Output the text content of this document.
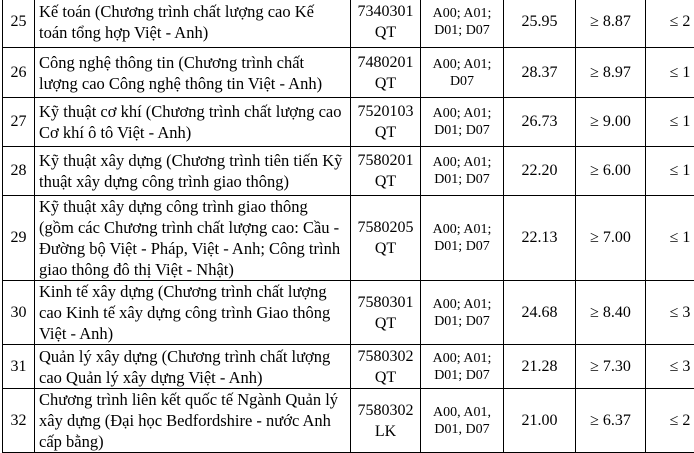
25	Kế toán (Chương trình chất lượng cao Kế toán tổng hợp Việt - Anh)	7340301 QT	A00; A01; D01; D07	25.95	≥ 8.87	≤ 2
26	Công nghệ thông tin (Chương trình chất lượng cao Công nghệ thông tin Việt - Anh)	7480201 QT	A00; A01; D07	28.37	≥ 8.97	≤ 1
27	Kỹ thuật cơ khí (Chương trình chất lượng cao Cơ khí ô tô Việt - Anh)	7520103 QT	A00; A01; D01; D07	26.73	≥ 9.00	≤ 1
28	Kỹ thuật xây dựng (Chương trình tiên tiến Kỹ thuật xây dựng công trình giao thông)	7580201 QT	A00; A01; D01; D07	22.20	≥ 6.00	≤ 1
29	Kỹ thuật xây dựng công trình giao thông (gồm các Chương trình chất lượng cao: Cầu - Đường bộ Việt - Pháp, Việt - Anh; Công trình giao thông đô thị Việt - Nhật)	7580205 QT	A00; A01; D01; D07	22.13	≥ 7.00	≤ 1
30	Kinh tế xây dựng (Chương trình chất lượng cao Kinh tế xây dựng công trình Giao thông Việt - Anh)	7580301 QT	A00; A01; D01; D07	24.68	≥ 8.40	≤ 3
31	Quản lý xây dựng (Chương trình chất lượng cao Quản lý xây dựng Việt - Anh)	7580302 QT	A00; A01; D01; D07	21.28	≥ 7.30	≤ 3
32	Chương trình liên kết quốc tế Ngành Quản lý xây dựng (Đại học Bedfordshire - nước Anh cấp bằng)	7580302 LK	A00, A01, D01, D07	21.00	≥ 6.37	≤ 2
